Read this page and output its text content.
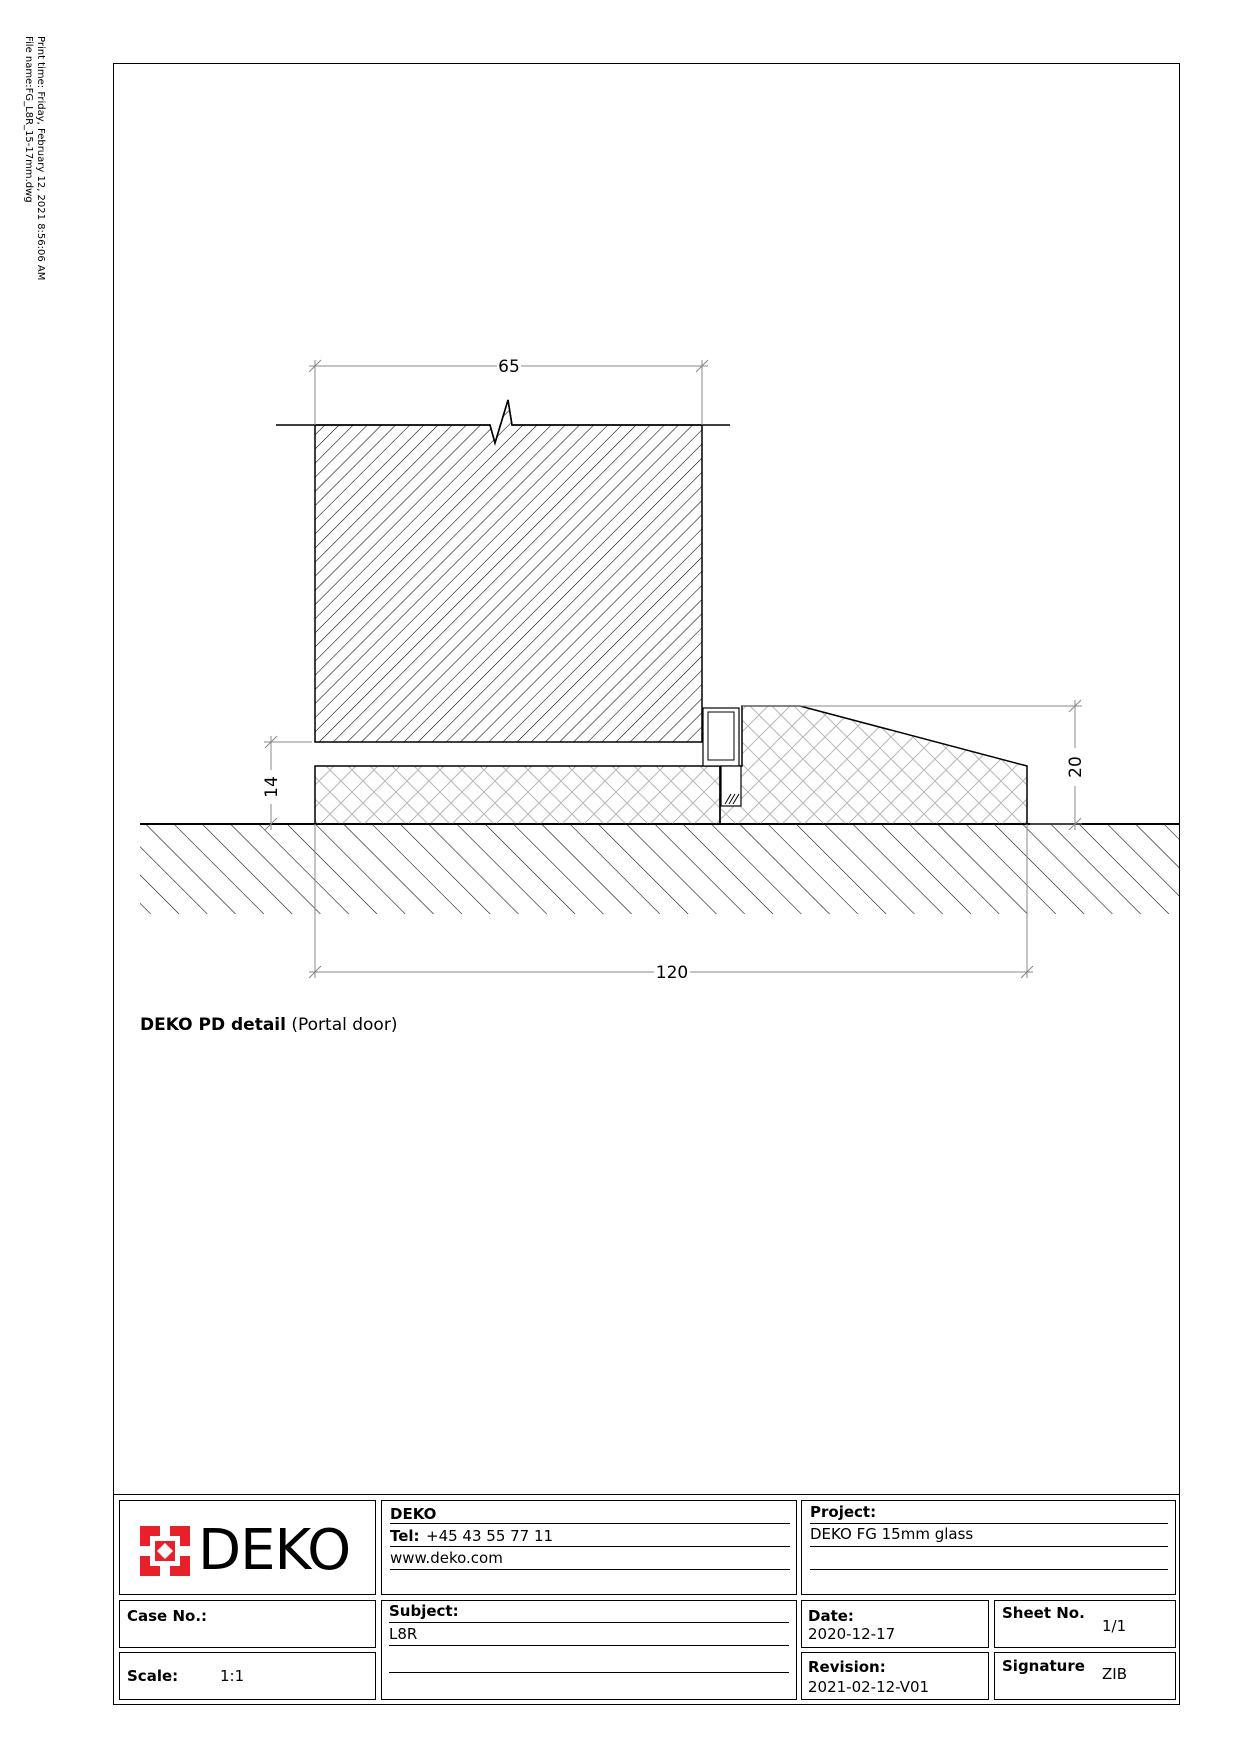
Print time: Friday, February 12, 2021 8:56:06 AM
File name:FG_L8R_15-17mm.dwg
65
120
14
20
DEKO PD detail (Portal door)
DEKO
DEKO
Tel: +45 43 55 77 11
www.deko.com
Project:
DEKO FG 15mm glass
Case No.:
Scale:	1:1
Subject:
L8R
Date:
2020-12-17
Sheet No.
1/1
Revision:
2021-02-12-V01
Signature ZIB
